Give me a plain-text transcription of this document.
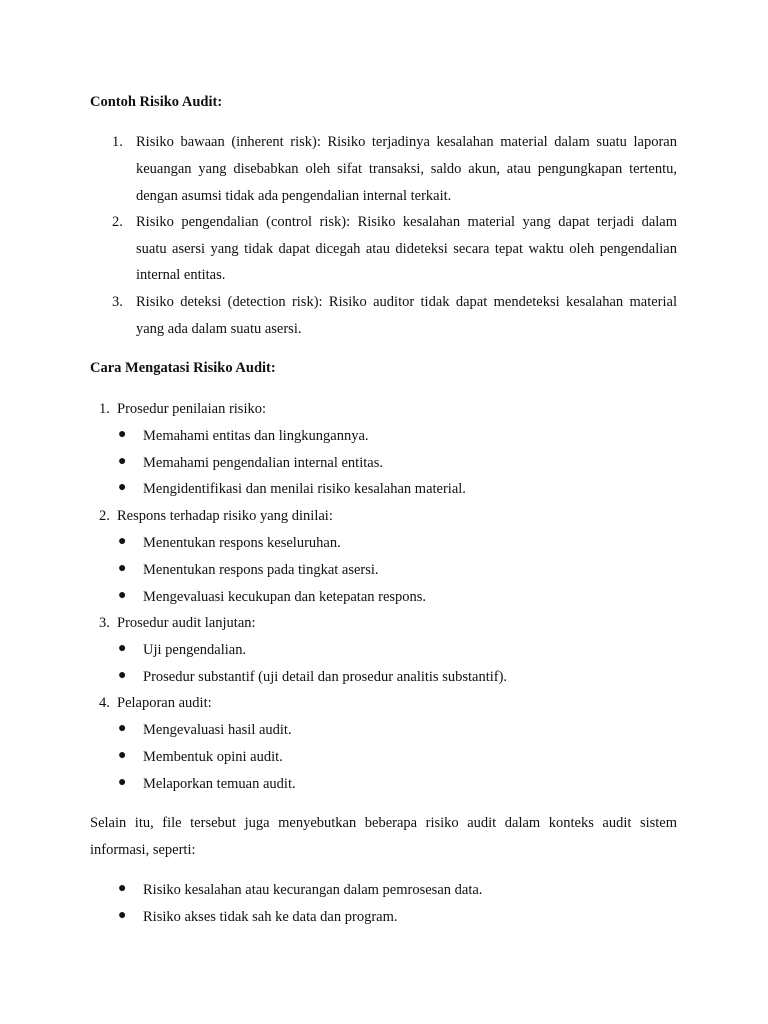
Contoh Risiko Audit:
1. Risiko bawaan (inherent risk): Risiko terjadinya kesalahan material dalam suatu laporan
keuangan yang disebabkan oleh sifat transaksi, saldo akun, atau pengungkapan tertentu,
dengan asumsi tidak ada pengendalian internal terkait.
2. Risiko pengendalian (control risk): Risiko kesalahan material yang dapat terjadi dalam
suatu asersi yang tidak dapat dicegah atau dideteksi secara tepat waktu oleh pengendalian
internal entitas.
3. Risiko deteksi (detection risk): Risiko auditor tidak dapat mendeteksi kesalahan material
yang ada dalam suatu asersi.
Cara Mengatasi Risiko Audit:
1. Prosedur penilaian risiko:
● Memahami entitas dan lingkungannya.
● Memahami pengendalian internal entitas.
● Mengidentifikasi dan menilai risiko kesalahan material.
2. Respons terhadap risiko yang dinilai:
● Menentukan respons keseluruhan.
● Menentukan respons pada tingkat asersi.
● Mengevaluasi kecukupan dan ketepatan respons.
3. Prosedur audit lanjutan:
● Uji pengendalian.
● Prosedur substantif (uji detail dan prosedur analitis substantif).
4. Pelaporan audit:
● Mengevaluasi hasil audit.
● Membentuk opini audit.
● Melaporkan temuan audit.
Selain itu, file tersebut juga menyebutkan beberapa risiko audit dalam konteks audit sistem
informasi, seperti:
● Risiko kesalahan atau kecurangan dalam pemrosesan data.
● Risiko akses tidak sah ke data dan program.
